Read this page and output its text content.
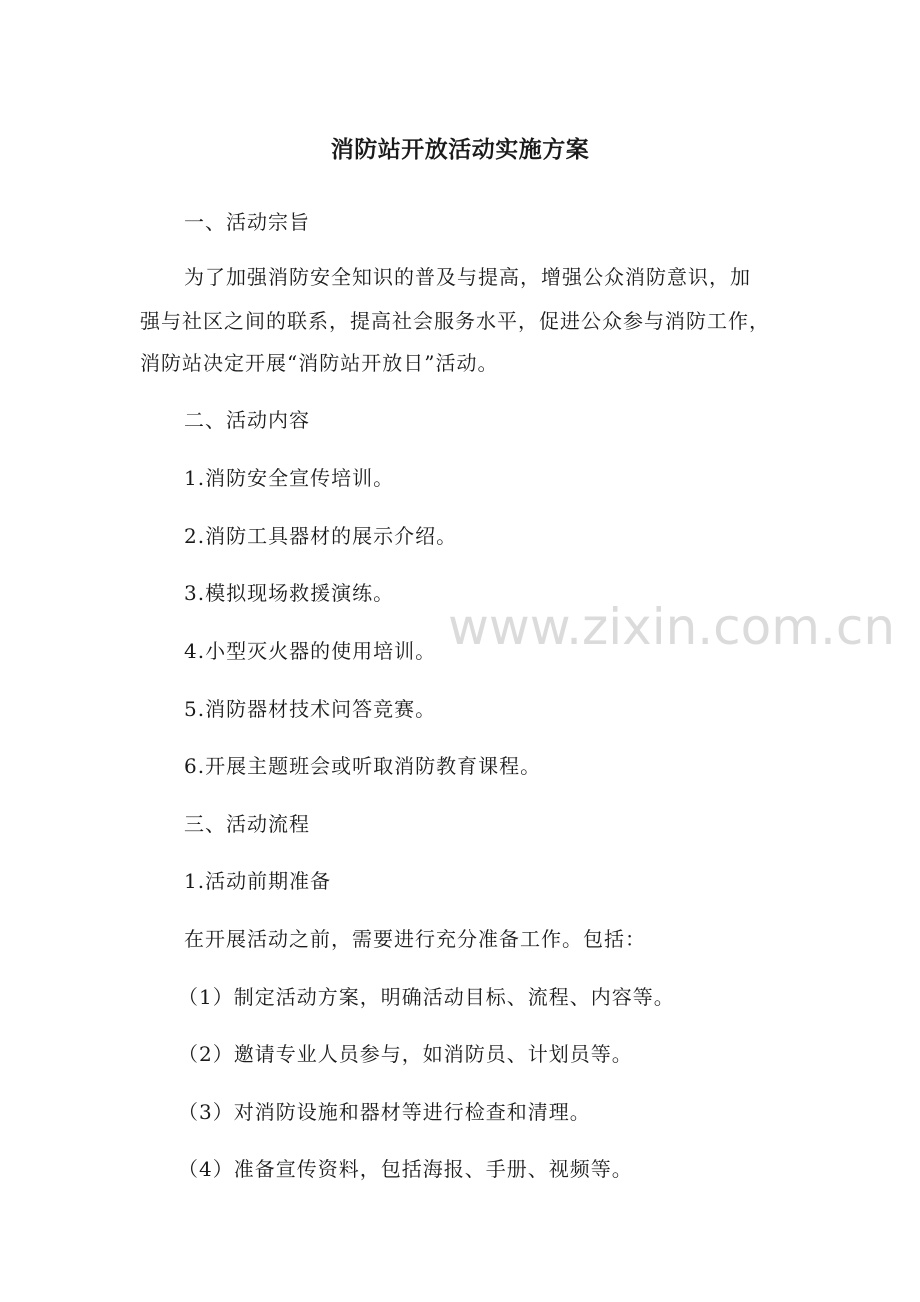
消防站开放活动实施方案

一、活动宗旨

为了加强消防安全知识的普及与提高，增强公众消防意识，加

强与社区之间的联系，提高社会服务水平，促进公众参与消防工作，

消防站决定开展“消防站开放日”活动。

二、活动内容

1.消防安全宣传培训。

2.消防工具器材的展示介绍。

3.模拟现场救援演练。

4.小型灭火器的使用培训。

5.消防器材技术问答竞赛。

6.开展主题班会或听取消防教育课程。

三、活动流程

1.活动前期准备

在开展活动之前，需要进行充分准备工作。包括：

（1）制定活动方案，明确活动目标、流程、内容等。

（2）邀请专业人员参与，如消防员、计划员等。

（3）对消防设施和器材等进行检查和清理。

（4）准备宣传资料，包括海报、手册、视频等。

www.zixin.com.cn
